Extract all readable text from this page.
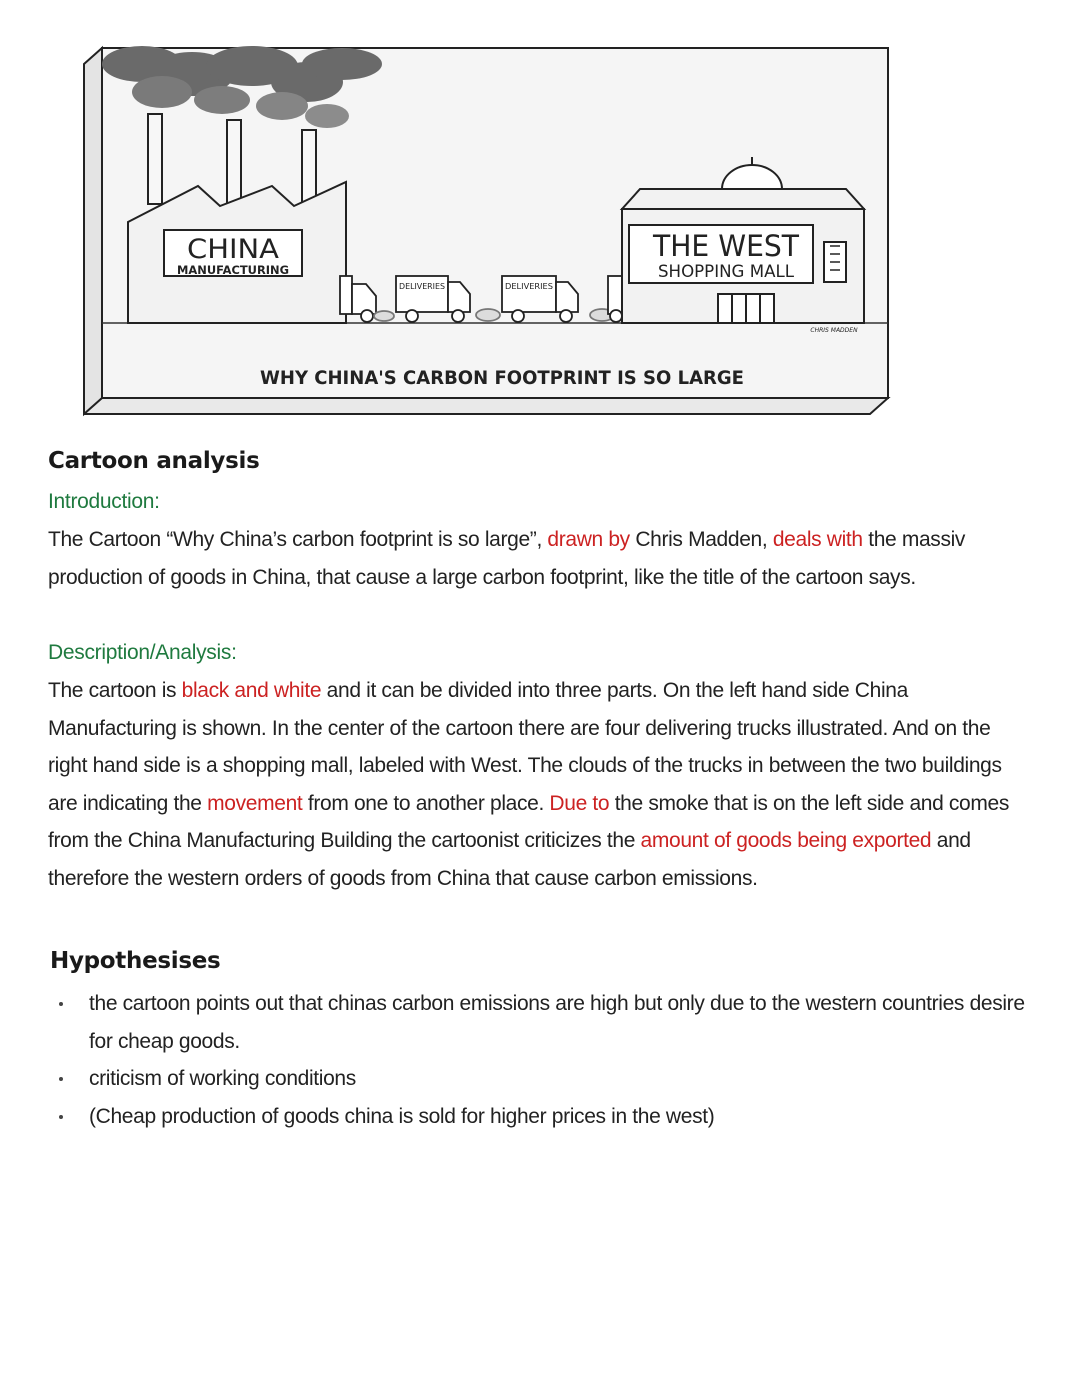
CHINA
MANUFACTURING
DELIVERIES	DELIVERIES
THE WEST
SHOPPING MALL
CHRIS MADDEN
WHY CHINA'S CARBON FOOTPRINT IS SO LARGE
Cartoon analysis
Introduction:
The Cartoon “Why China’s carbon footprint is so large”, drawn by Chris Madden, deals with the massiv production of goods in China, that cause a large carbon footprint, like the title of the cartoon says.
Description/Analysis:
The cartoon is black and white and it can be divided into three parts. On the left hand side China Manufacturing is shown. In the center of the cartoon there are four delivering trucks illustrated. And on the right hand side is a shopping mall, labeled with West. The clouds of the trucks in between the two buildings are indicating the movement from one to another place. Due to the smoke that is on the left side and comes from the China Manufacturing Building the cartoonist criticizes the amount of goods being exported and therefore the western orders of goods from China that cause carbon emissions.
Hypothesises
the cartoon points out that chinas carbon emissions are high but only due to the western countries desire for cheap goods.
criticism of working conditions
(Cheap production of goods china is sold for higher prices in the west)
